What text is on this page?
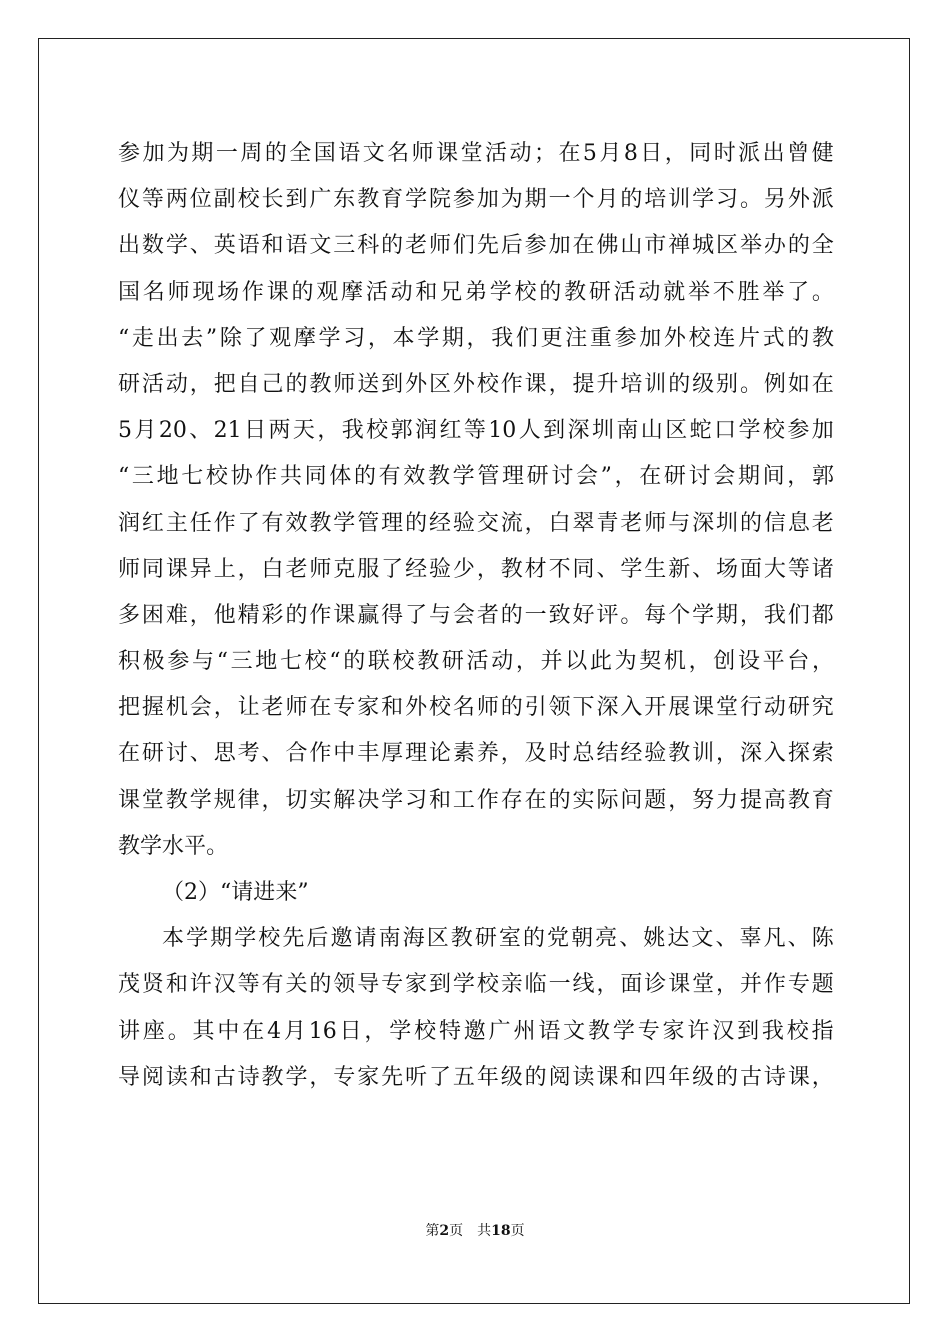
参 加 为 期 一 周 的 全 国 语 文 名 师 课 堂 活 动 ； 在 5 月 8 日 ， 同 时 派 出 曾 健
仪 等 两 位 副 校 长 到 广 东 教 育 学 院 参 加 为 期 一 个 月 的 培 训 学 习 。 另 外 派
出 数 学 、 英 语 和 语 文 三 科 的 老 师 们 先 后 参 加 在 佛 山 市 禅 城 区 举 办 的 全
国 名 师 现 场 作 课 的 观 摩 活 动 和 兄 弟 学 校 的 教 研 活 动 就 举 不 胜 举 了 。
“ 走 出 去 ” 除 了 观 摩 学 习 ， 本 学 期 ， 我 们 更 注 重 参 加 外 校 连 片 式 的 教
研 活 动 ， 把 自 己 的 教 师 送 到 外 区 外 校 作 课 ， 提 升 培 训 的 级 别 。 例 如 在
5 月 20 、 21 日 两 天 ， 我 校 郭 润 红 等 10 人 到 深 圳 南 山 区 蛇 口 学 校 参 加
“ 三 地 七 校 协 作 共 同 体 的 有 效 教 学 管 理 研 讨 会 ” ， 在 研 讨 会 期 间 ， 郭
润 红 主 任 作 了 有 效 教 学 管 理 的 经 验 交 流 ， 白 翠 青 老 师 与 深 圳 的 信 息 老
师 同 课 异 上 ， 白 老 师 克 服 了 经 验 少 ， 教 材 不 同 、 学 生 新 、 场 面 大 等 诸
多 困 难 ， 他 精 彩 的 作 课 赢 得 了 与 会 者 的 一 致 好 评 。 每 个 学 期 ， 我 们 都
积 极 参 与 “ 三 地 七 校 “ 的 联 校 教 研 活 动 ， 并 以 此 为 契 机 ， 创 设 平 台 ，
把 握 机 会 ， 让 老 师 在 专 家 和 外 校 名 师 的 引 领 下 深 入 开 展 课 堂 行 动 研 究
在 研 讨 、 思 考 、 合 作 中 丰 厚 理 论 素 养 ， 及 时 总 结 经 验 教 训 ， 深 入 探 索
课 堂 教 学 规 律 ， 切 实 解 决 学 习 和 工 作 存 在 的 实 际 问 题 ， 努 力 提 高 教 育
教 学 水 平 。
（ 2 ） “ 请 进 来 ”
本 学 期 学 校 先 后 邀 请 南 海 区 教 研 室 的 党 朝 亮 、 姚 达 文 、 辜 凡 、 陈
茂 贤 和 许 汉 等 有 关 的 领 导 专 家 到 学 校 亲 临 一 线 ， 面 诊 课 堂 ， 并 作 专 题
讲 座 。 其 中 在 4 月 16 日 ， 学 校 特 邀 广 州 语 文 教 学 专 家 许 汉 到 我 校 指
导 阅 读 和 古 诗 教 学 ， 专 家 先 听 了 五 年 级 的 阅 读 课 和 四 年 级 的 古 诗 课 ，
第2页 共18页
